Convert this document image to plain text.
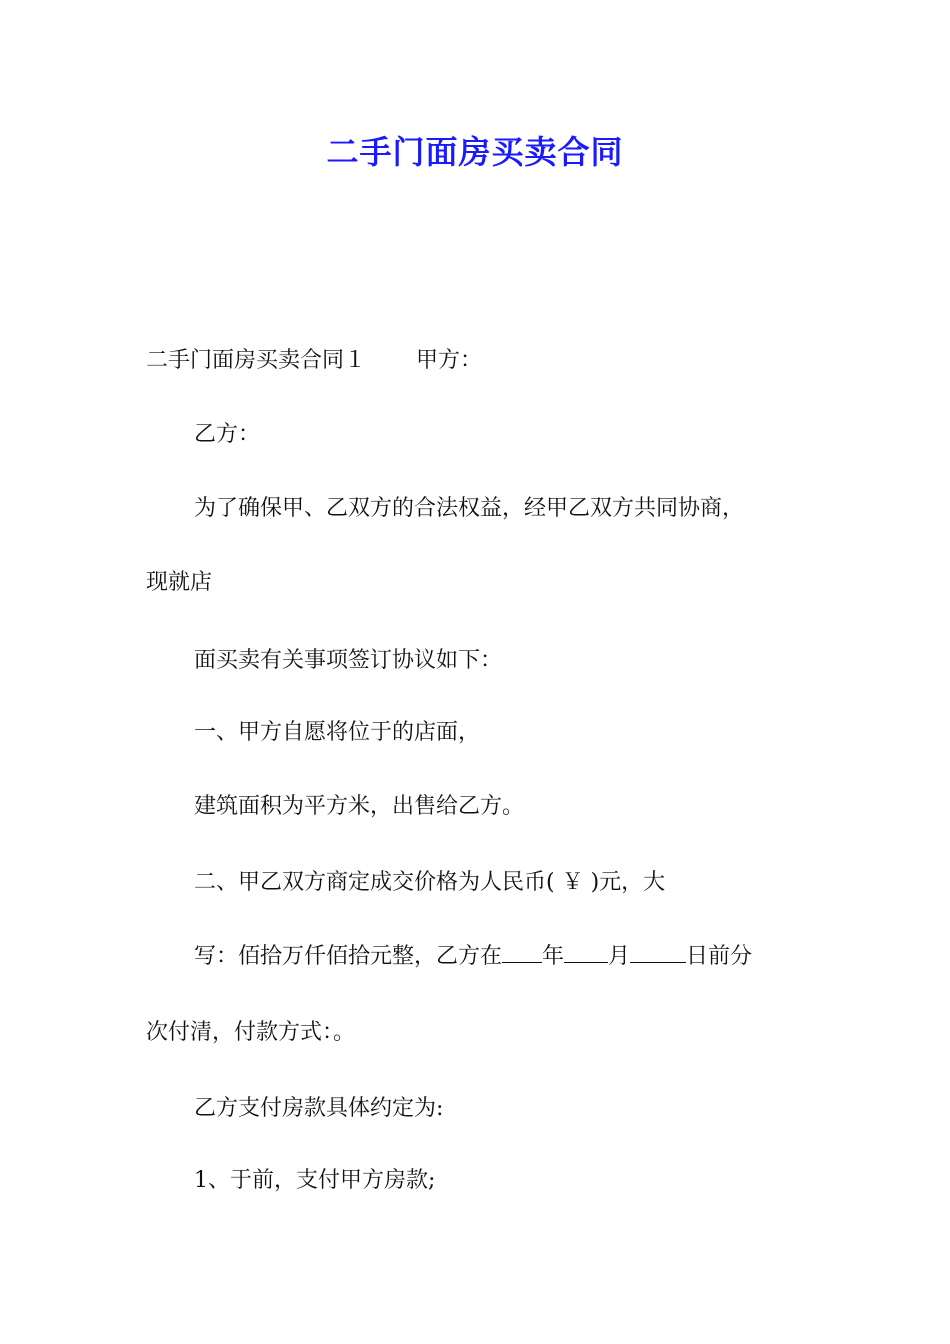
二手门面房买卖合同
二手门面房买卖合同１ 甲方：
乙方：
为了确保甲、乙双方的合法权益，经甲乙双方共同协商，
现就店
面买卖有关事项签订协议如下：
一、甲方自愿将位于的店面，
建筑面积为平方米，出售给乙方。
二、甲乙双方商定成交价格为人民币( ￥ )元，大
写：佰拾万仟佰拾元整，乙方在 年 月	日前分
次付清，付款方式：。
乙方支付房款具体约定为:
1、于前，支付甲方房款;
